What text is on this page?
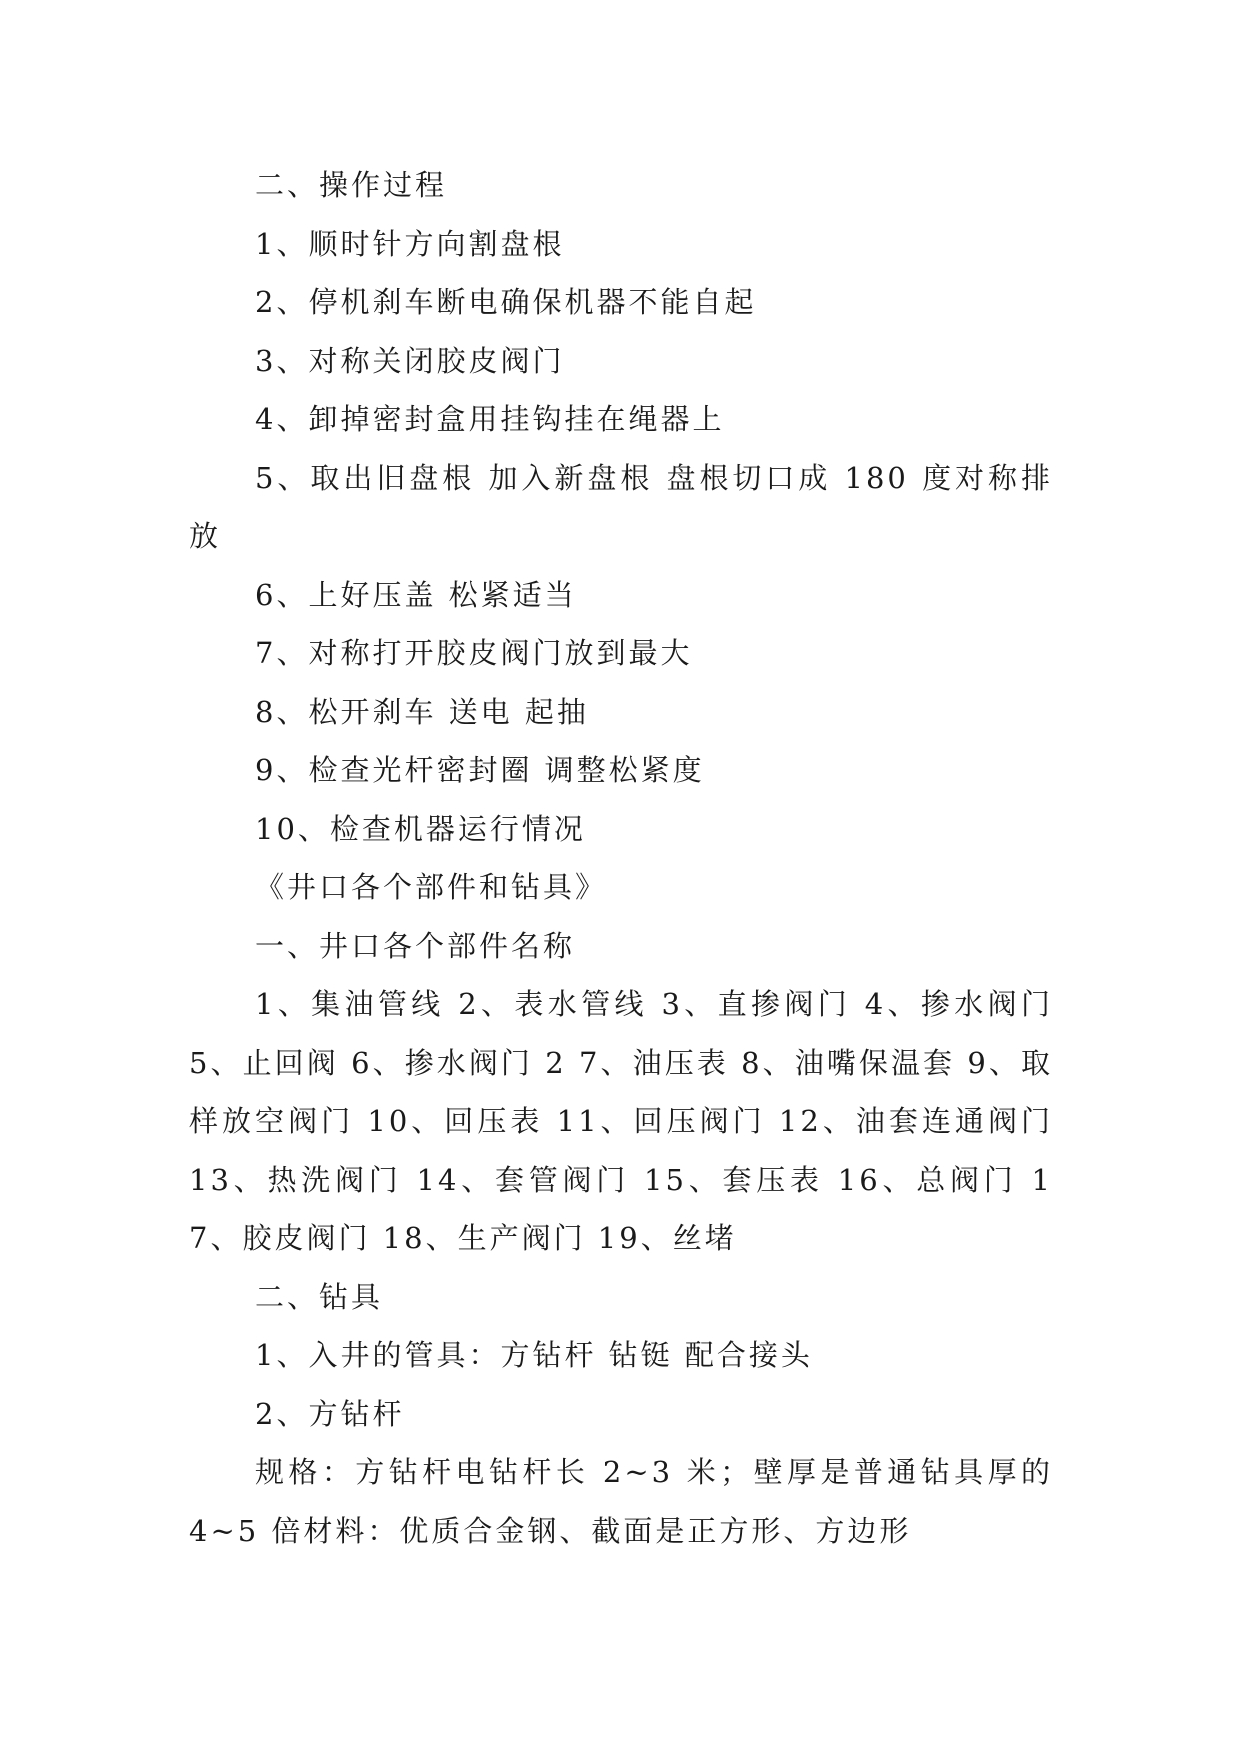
二、操作过程
1、顺时针方向割盘根
2、停机刹车断电确保机器不能自起
3、对称关闭胶皮阀门
4、卸掉密封盒用挂钩挂在绳器上

5、取出旧盘根 加入新盘根 盘根切口成 180 度对称排放

6、上好压盖 松紧适当
7、对称打开胶皮阀门放到最大
8、松开刹车 送电 起抽
9、检查光杆密封圈 调整松紧度
10、检查机器运行情况
《井口各个部件和钻具》
一、井口各个部件名称

1、集油管线 2、表水管线 3、直掺阀门 4、掺水阀门 5、止回阀 6、掺水阀门 2 7、油压表 8、油嘴保温套 9、取样放空阀门 10、回压表 11、回压阀门 12、油套连通阀门 13、热洗阀门 14、套管阀门 15、套压表 16、总阀门 17、胶皮阀门 18、生产阀门 19、丝堵

二、钻具
1、入井的管具：方钻杆 钻铤 配合接头
2、方钻杆

规格：方钻杆电钻杆长 2~3 米；壁厚是普通钻具厚的 4~5 倍材料：优质合金钢、截面是正方形、方边形
